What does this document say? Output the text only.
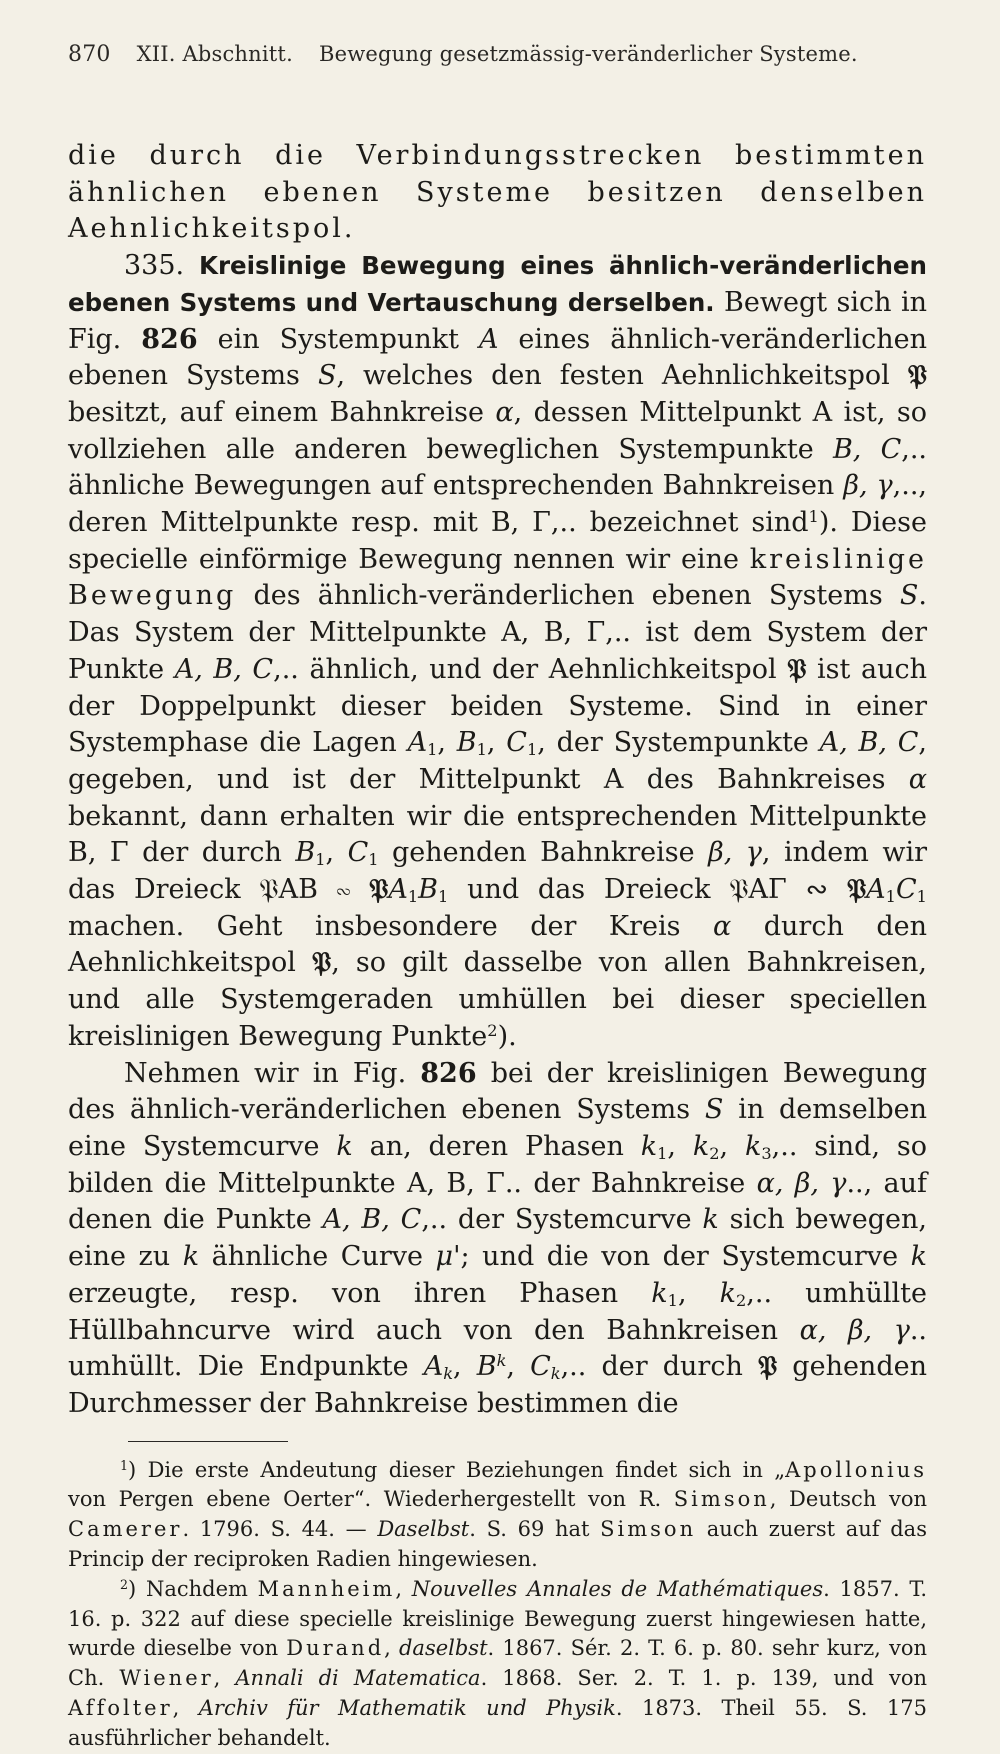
870 XII. Abschnitt. Bewegung gesetzmässig-veränderlicher Systeme.

die durch die Verbindungsstrecken bestimmten ähnlichen ebenen Systeme besitzen denselben Aehnlichkeitspol.

335. Kreislinige Bewegung eines ähnlich-veränderlichen ebenen Systems und Vertauschung derselben. Bewegt sich in Fig. 826 ein Systempunkt A eines ähnlich-veränderlichen ebenen Systems S, welches den festen Aehnlichkeitspol 𝔓 besitzt, auf einem Bahnkreise α, dessen Mittelpunkt A ist, so vollziehen alle anderen beweglichen Systempunkte B, C,.. ähnliche Bewegungen auf entsprechenden Bahnkreisen β, γ,.., deren Mittelpunkte resp. mit B, Γ,.. bezeichnet sind$^1$). Diese specielle einförmige Bewegung nennen wir eine kreislinige Bewegung des ähnlich-veränderlichen ebenen Systems S. Das System der Mittelpunkte A, B, Γ,.. ist dem System der Punkte A, B, C,.. ähnlich, und der Aehnlichkeitspol 𝔓 ist auch der Doppelpunkt dieser beiden Systeme. Sind in einer Systemphase die Lagen $A_1$, $B_1$, $C_1$, der Systempunkte A, B, C, gegeben, und ist der Mittelpunkt A des Bahnkreises α bekannt, dann erhalten wir die entsprechenden Mittelpunkte B, Γ der durch $B_1$, $C_1$ gehenden Bahnkreise β, γ, indem wir das Dreieck 𝔓AB ∾ $𝔓A_1B_1$ und das Dreieck 𝔓AΓ ∾ $𝔓A_1C_1$ machen. Geht insbesondere der Kreis α durch den Aehnlichkeitspol 𝔓, so gilt dasselbe von allen Bahnkreisen, und alle Systemgeraden umhüllen bei dieser speciellen kreislinigen Bewegung Punkte$^2$).

Nehmen wir in Fig. 826 bei der kreislinigen Bewegung des ähnlich-veränderlichen ebenen Systems S in demselben eine Systemcurve k an, deren Phasen $k_1$, $k_2$, $k_3$,.. sind, so bilden die Mittelpunkte A, B, Γ.. der Bahnkreise α, β, γ.., auf denen die Punkte A, B, C,.. der Systemcurve k sich bewegen, eine zu k ähnliche Curve μ'; und die von der Systemcurve k erzeugte, resp. von ihren Phasen $k_1$, $k_2$,.. umhüllte Hüllbahncurve wird auch von den Bahnkreisen α, β, γ.. umhüllt. Die Endpunkte $A_k$, $B^k$, $C_k$,.. der durch 𝔓 gehenden Durchmesser der Bahnkreise bestimmen die

$^1$) Die erste Andeutung dieser Beziehungen findet sich in „Apollonius von Pergen ebene Oerter“. Wiederhergestellt von R. Simson, Deutsch von Camerer. 1796. S. 44. — Daselbst. S. 69 hat Simson auch zuerst auf das Princip der reciproken Radien hingewiesen.

$^2$) Nachdem Mannheim, Nouvelles Annales de Mathématiques. 1857. T. 16. p. 322 auf diese specielle kreislinige Bewegung zuerst hingewiesen hatte, wurde dieselbe von Durand, daselbst. 1867. Sér. 2. T. 6. p. 80. sehr kurz, von Ch. Wiener, Annali di Matematica. 1868. Ser. 2. T. 1. p. 139, und von Affolter, Archiv für Mathematik und Physik. 1873. Theil 55. S. 175 ausführlicher behandelt.
